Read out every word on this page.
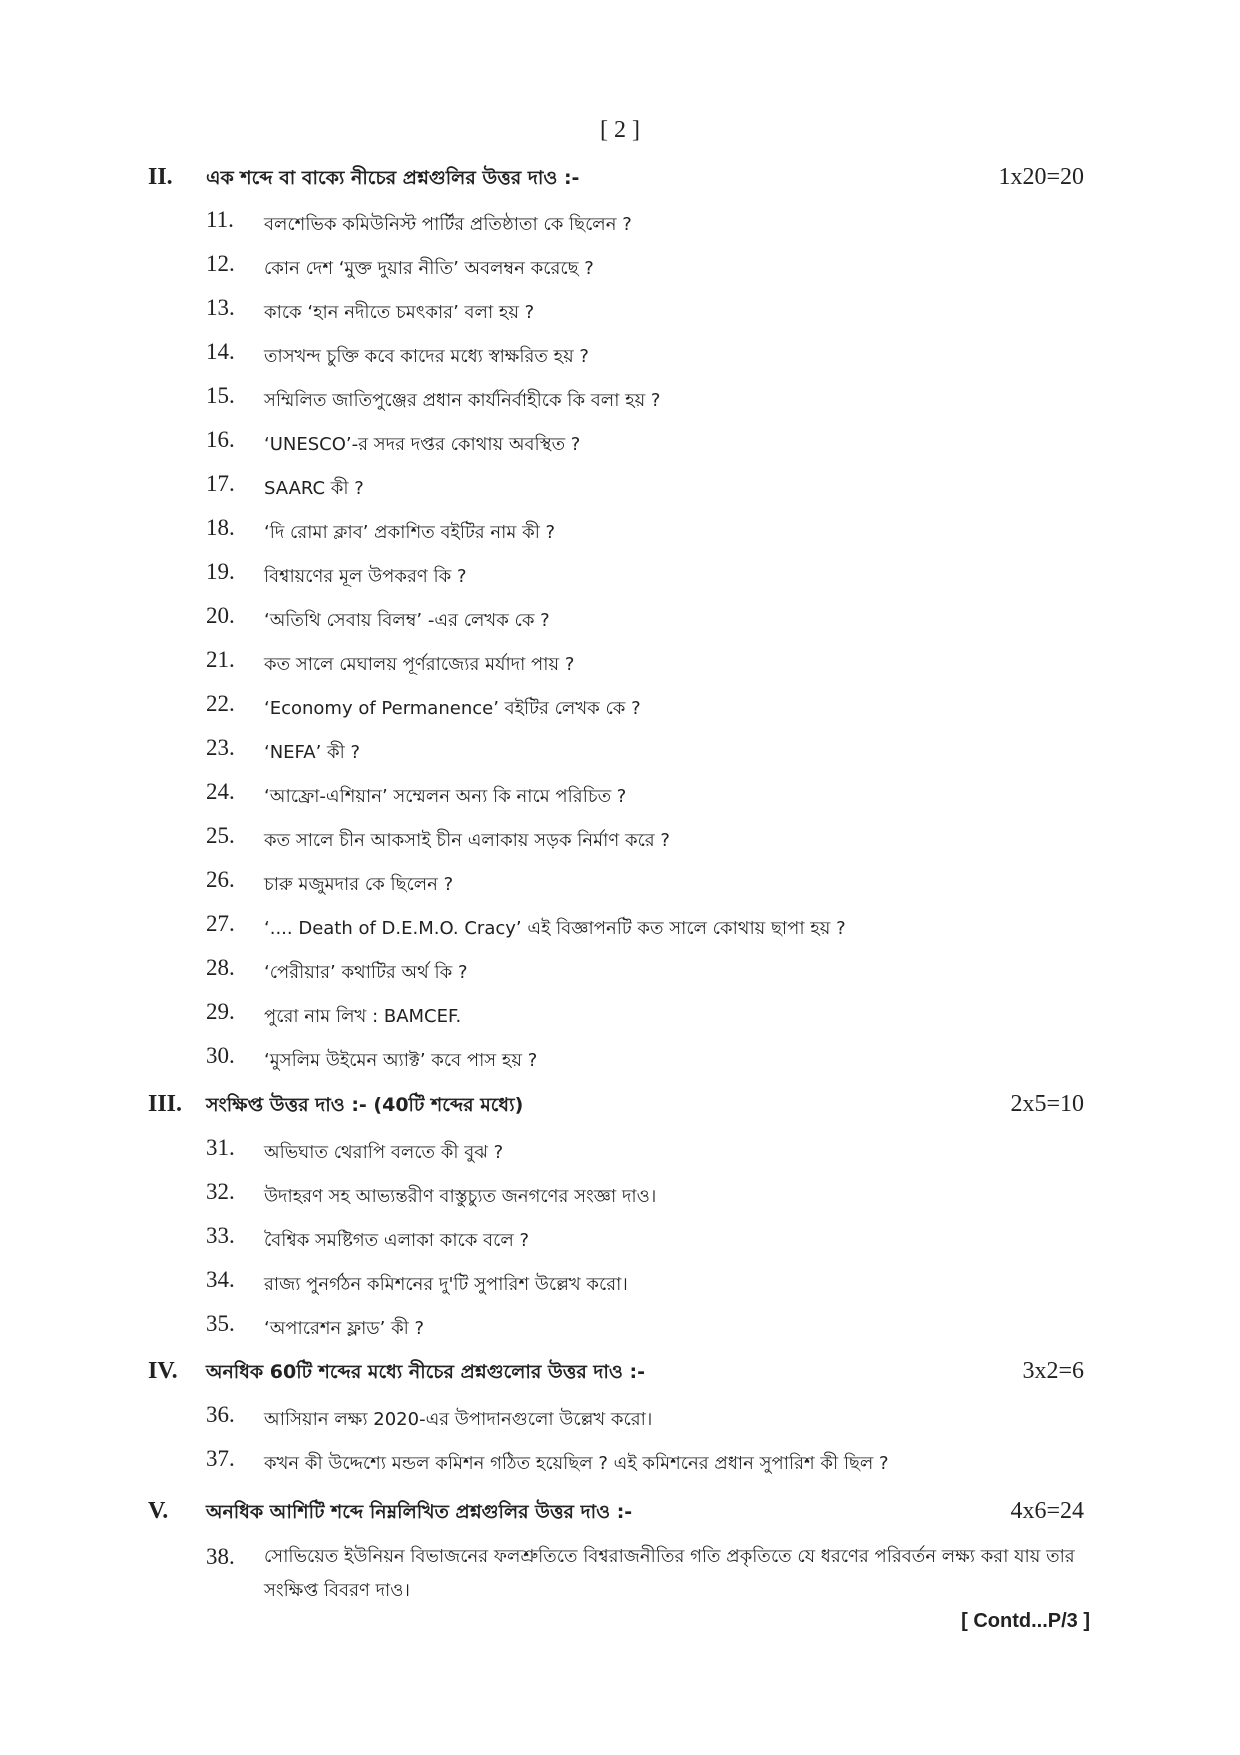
[ 2 ]
II. এক শব্দে বা বাক্যে নীচের প্রশ্নগুলির উত্তর দাও :-	1x20=20
11. বলশেভিক কমিউনিস্ট পার্টির প্রতিষ্ঠাতা কে ছিলেন ?
12. কোন দেশ ‘মুক্ত দুয়ার নীতি’ অবলম্বন করেছে ?
13. কাকে ‘হান নদীতে চমৎকার’ বলা হয় ?
14. তাসখন্দ চুক্তি কবে কাদের মধ্যে স্বাক্ষরিত হয় ?
15. সম্মিলিত জাতিপুঞ্জের প্রধান কার্যনির্বাহীকে কি বলা হয় ?
16. ‘UNESCO’-র সদর দপ্তর কোথায় অবস্থিত ?
17. SAARC কী ?
18. ‘দি রোমা ক্লাব’ প্রকাশিত বইটির নাম কী ?
19. বিশ্বায়ণের মূল উপকরণ কি ?
20. ‘অতিথি সেবায় বিলম্ব’ -এর লেখক কে ?
21. কত সালে মেঘালয় পূর্ণরাজ্যের মর্যাদা পায় ?
22. ‘Economy of Permanence’ বইটির লেখক কে ?
23. ‘NEFA’ কী ?
24. ‘আফ্রো-এশিয়ান’ সম্মেলন অন্য কি নামে পরিচিত ?
25. কত সালে চীন আকসাই চীন এলাকায় সড়ক নির্মাণ করে ?
26. চারু মজুমদার কে ছিলেন ?
27. ‘.... Death of D.E.M.O. Cracy’ এই বিজ্ঞাপনটি কত সালে কোথায় ছাপা হয় ?
28. ‘পেরীয়ার’ কথাটির অর্থ কি ?
29. পুরো নাম লিখ : BAMCEF.
30. ‘মুসলিম উইমেন অ্যাক্ট’ কবে পাস হয় ?
III. সংক্ষিপ্ত উত্তর দাও :- (40টি শব্দের মধ্যে)	2x5=10
31. অভিঘাত থেরাপি বলতে কী বুঝ ?
32. উদাহরণ সহ আভ্যন্তরীণ বাস্তুচ্যুত জনগণের সংজ্ঞা দাও।
33. বৈশ্বিক সমষ্টিগত এলাকা কাকে বলে ?
34. রাজ্য পুনর্গঠন কমিশনের দু'টি সুপারিশ উল্লেখ করো।
35. ‘অপারেশন ফ্লাড’ কী ?
IV. অনধিক 60টি শব্দের মধ্যে নীচের প্রশ্নগুলোর উত্তর দাও :-	3x2=6
36. আসিয়ান লক্ষ্য 2020-এর উপাদানগুলো উল্লেখ করো।
37. কখন কী উদ্দেশ্যে মন্ডল কমিশন গঠিত হয়েছিল ? এই কমিশনের প্রধান সুপারিশ কী ছিল ?
V. অনধিক আশিটি শব্দে নিম্নলিখিত প্রশ্নগুলির উত্তর দাও :-	4x6=24
38. সোভিয়েত ইউনিয়ন বিভাজনের ফলশ্রুতিতে বিশ্বরাজনীতির গতি প্রকৃতিতে যে ধরণের পরিবর্তন লক্ষ্য করা যায় তার সংক্ষিপ্ত বিবরণ দাও।
[ Contd...P/3 ]
